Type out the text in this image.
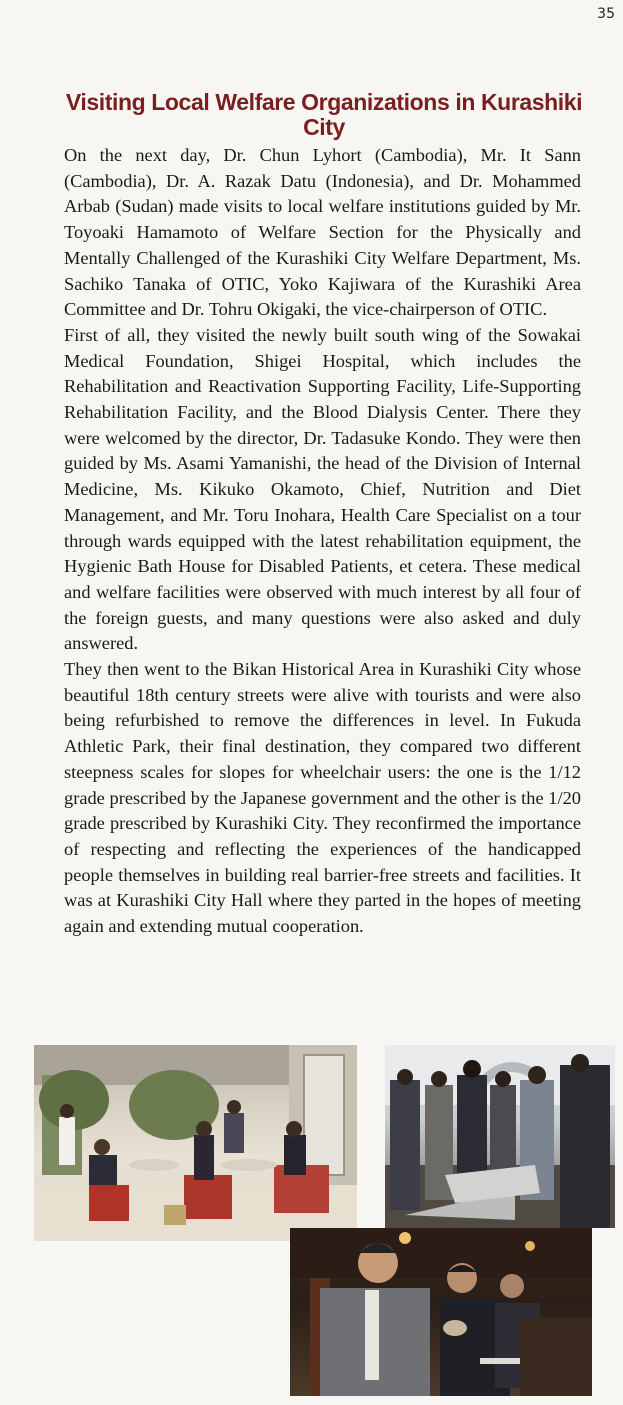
35
Visiting Local Welfare Organizations in Kurashiki City

On the next day, Dr. Chun Lyhort (Cambodia), Mr. It Sann (Cambodia), Dr. A. Razak Datu (Indonesia), and Dr. Mohammed Arbab (Sudan) made visits to local welfare institutions guided by Mr. Toyoaki Hamamoto of Welfare Section for the Physically and Mentally Challenged of the Kurashiki City Welfare Department, Ms. Sachiko Tanaka of OTIC, Yoko Kajiwara of the Kurashiki Area Committee and Dr. Tohru Okigaki, the vice-chairperson of OTIC.

First of all, they visited the newly built south wing of the Sowakai Medical Foundation, Shigei Hospital, which includes the Rehabilitation and Reactivation Supporting Facility, Life-Supporting Rehabilitation Facility, and the Blood Dialysis Center. There they were welcomed by the director, Dr. Tadasuke Kondo. They were then guided by Ms. Asami Yamanishi, the head of the Division of Internal Medicine, Ms. Kikuko Okamoto, Chief, Nutrition and Diet Management, and Mr. Toru Inohara, Health Care Specialist on a tour through wards equipped with the latest rehabilitation equipment, the Hygienic Bath House for Disabled Patients, et cetera. These medical and welfare facilities were observed with much interest by all four of the foreign guests, and many questions were also asked and duly answered.

They then went to the Bikan Historical Area in Kurashiki City whose beautiful 18th century streets were alive with tourists and were also being refurbished to remove the differences in level. In Fukuda Athletic Park, their final destination, they compared two different steepness scales for slopes for wheelchair users: the one is the 1/12 grade prescribed by the Japanese government and the other is the 1/20 grade prescribed by Kurashiki City. They reconfirmed the importance of respecting and reflecting the experiences of the handicapped people themselves in building real barrier-free streets and facilities. It was at Kurashiki City Hall where they parted in the hopes of meeting again and extending mutual cooperation.
